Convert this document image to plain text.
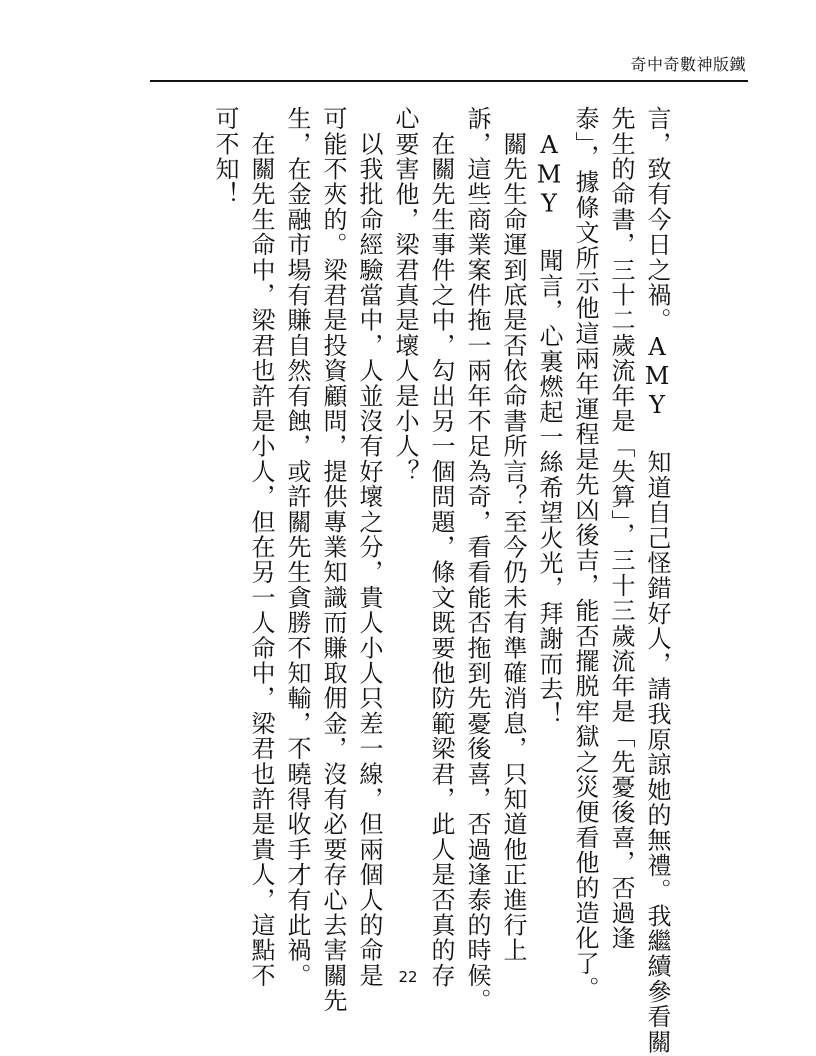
奇中奇數神版鐵
言，致有今日之禍。AMY 知道自己怪錯好人，請我原諒她的無禮。我繼續參看關
先生的命書，三十二歲流年是「失算」，三十三歲流年是「先憂後喜，否過逢
泰」，據條文所示他這兩年運程是先凶後吉，能否擺脱牢獄之災便看他的造化了。
　AMY 聞言，心裏燃起一絲希望火光，拜謝而去！
　關先生命運到底是否依命書所言？至今仍未有準確消息，只知道他正進行上
訴，這些商業案件拖一兩年不足為奇，看看能否拖到先憂後喜，否過逢泰的時候。
　在關先生事件之中，勾出另一個問題，條文既要他防範梁君，此人是否真的存
心要害他，梁君真是壞人是小人？
　以我批命經驗當中，人並沒有好壞之分，貴人小人只差一線，但兩個人的命是
可能不夾的。梁君是投資顧問，提供專業知識而賺取佣金，沒有必要存心去害關先
生，在金融市場有賺自然有蝕，或許關先生貪勝不知輸，不曉得收手才有此禍。
　在關先生命中，梁君也許是小人，但在另一人命中，梁君也許是貴人，這點不
可不知！
22
